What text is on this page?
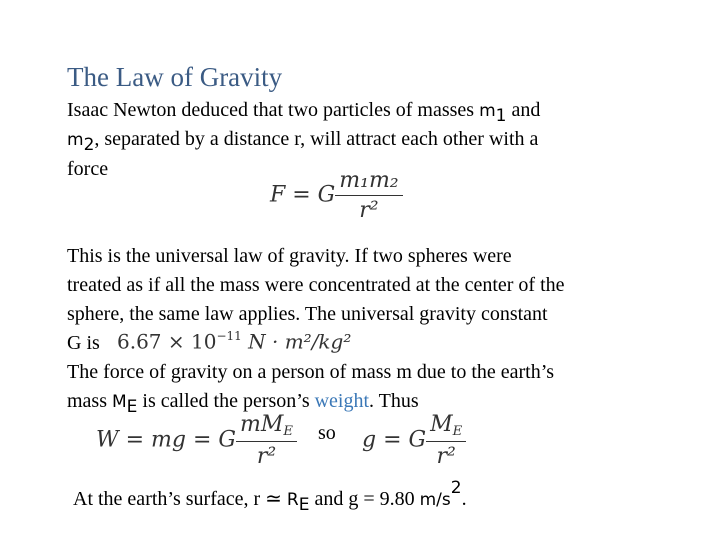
The Law of Gravity
Isaac Newton deduced that two particles of masses $m_1$ and
$m_2$, separated by a distance r, will attract each other with a
force
F = G $\frac{\text{m₁m₂}}{\text{r²}}$
This is the universal law of gravity. If two spheres were
treated as if all the mass were concentrated at the center of the
sphere, the same law applies. The universal gravity constant
G is $6.67 \times 10^{-11}$ N · m²/kg²
The force of gravity on a person of mass m due to the earth’s
mass $M_E$ is called the person’s weight. Thus
W = mg = G $\frac{mM_E}{\text{r²}}$ so g = G $\frac{M_E}{\text{r²}}$
At the earth’s surface, r ≃ $R_E$ and g = 9.80 $m/s^2$.
